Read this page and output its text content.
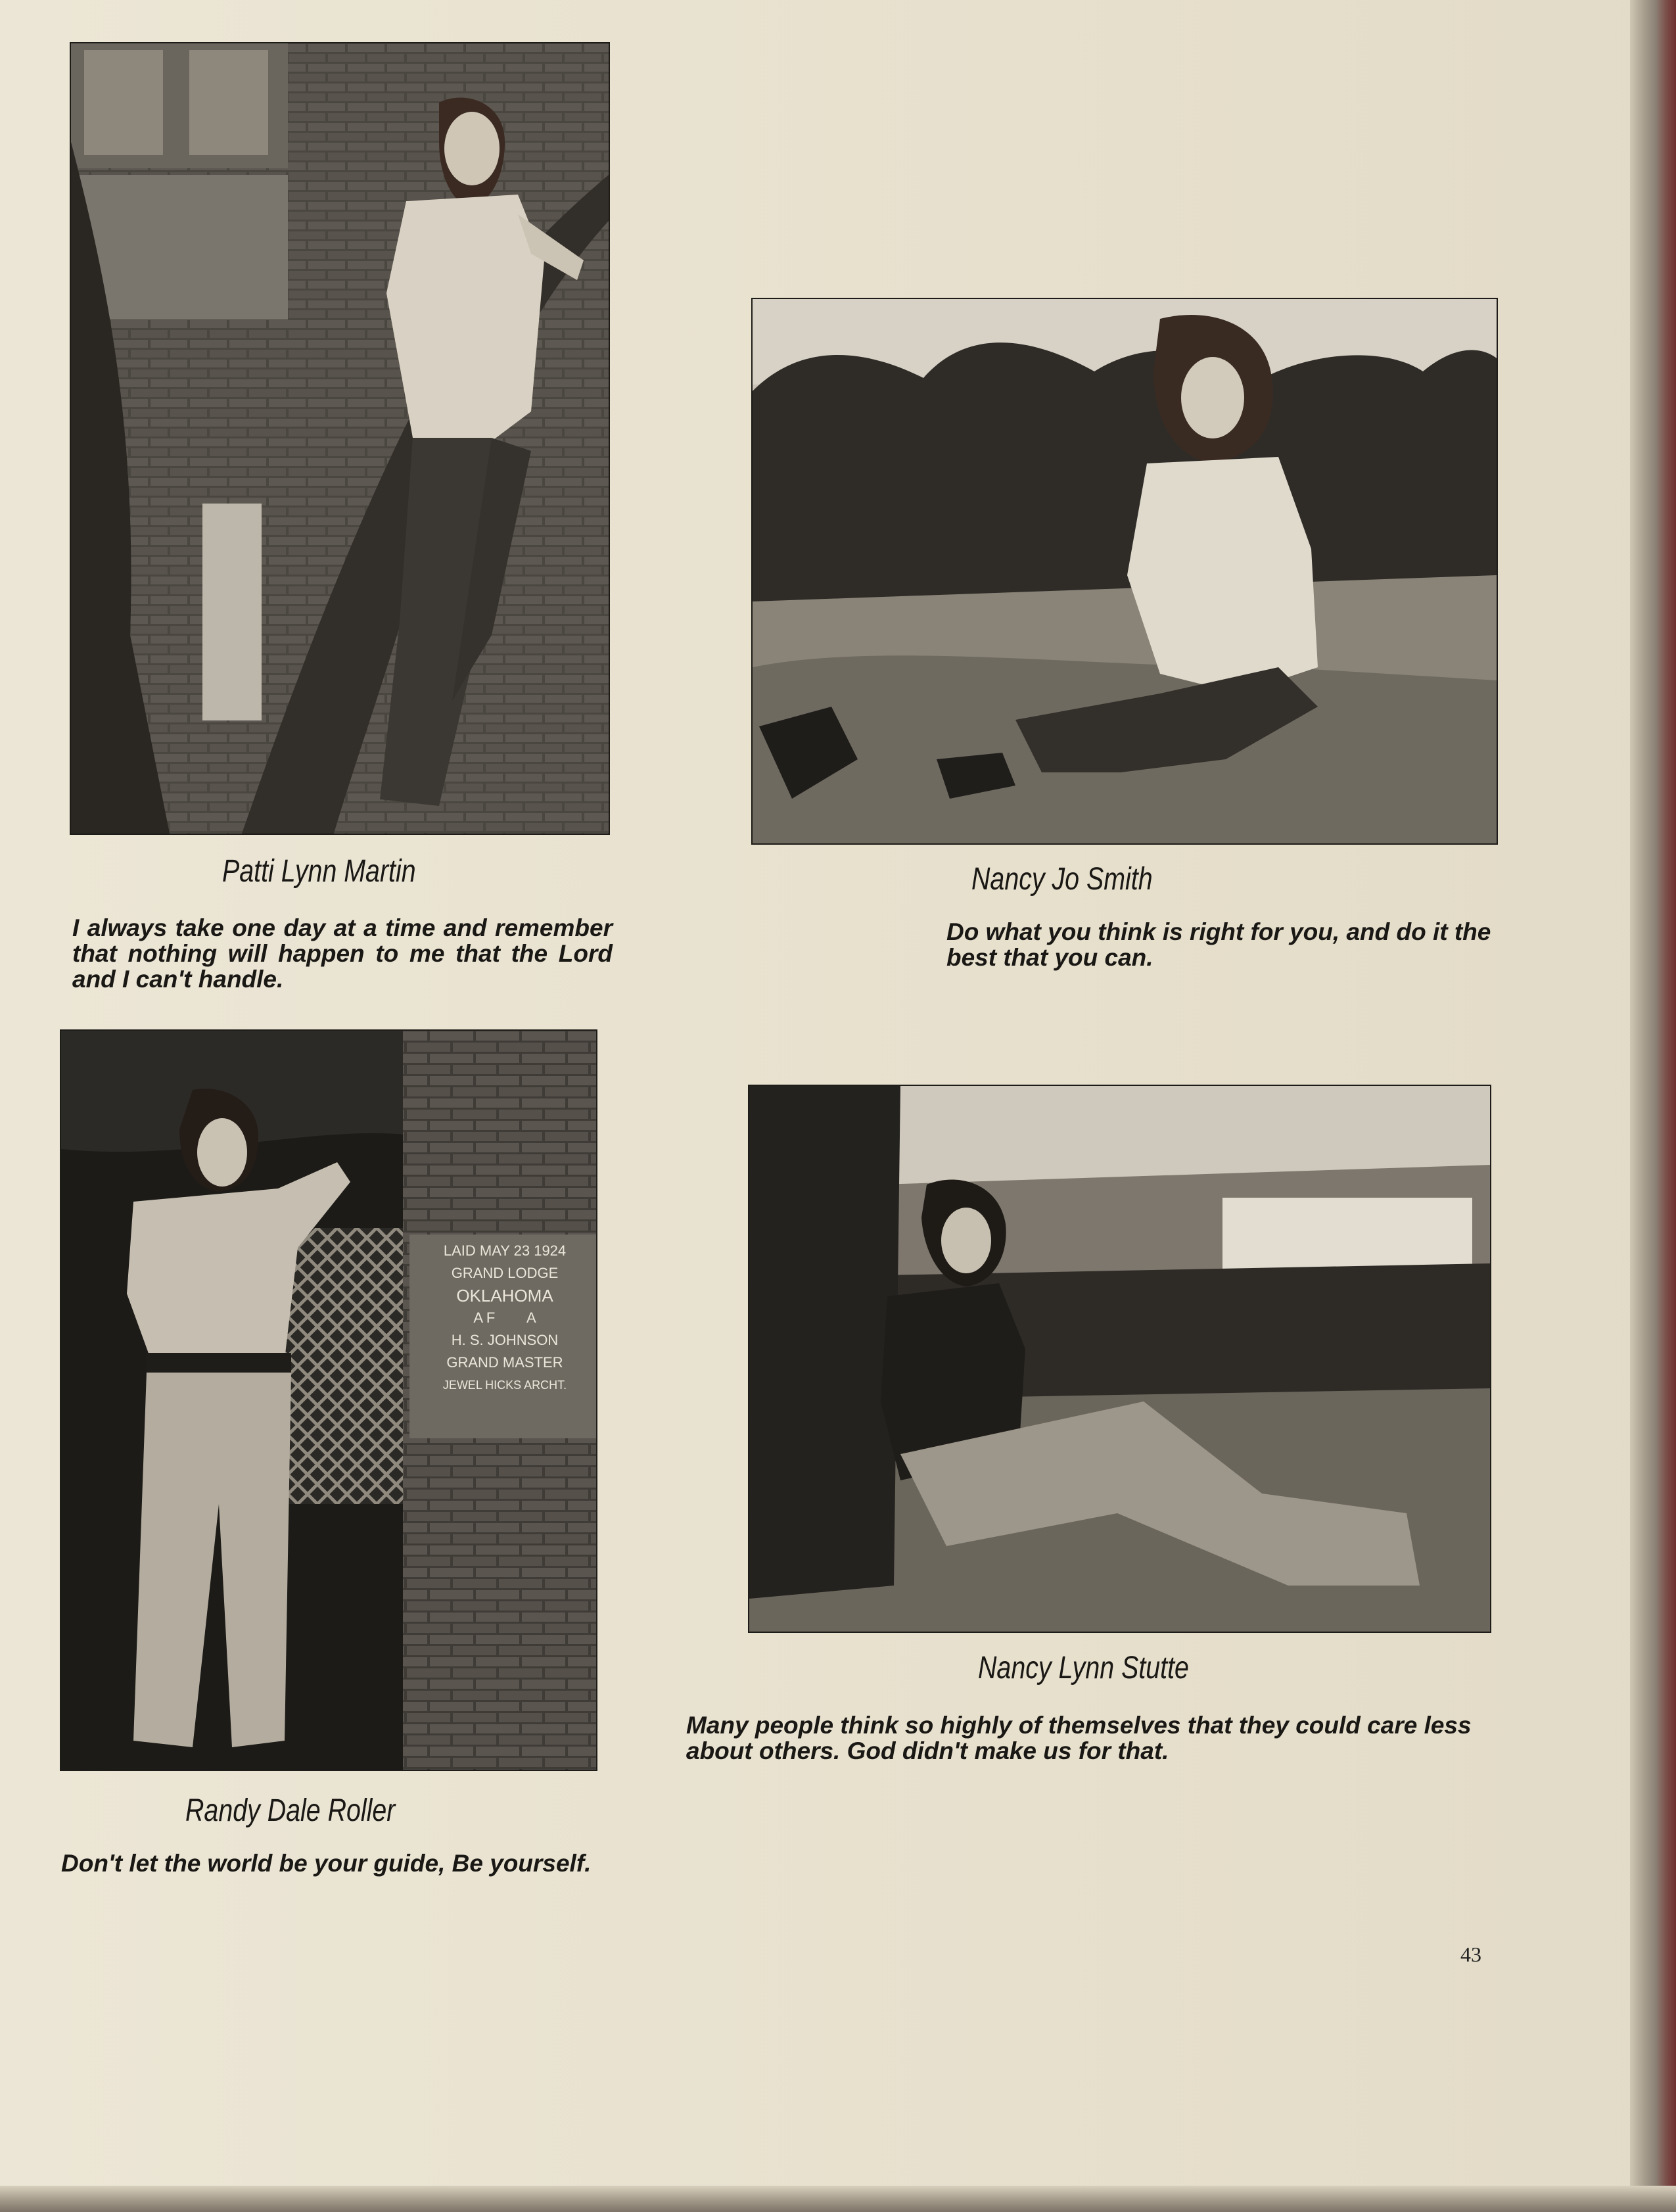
LAID MAY 23 1924
GRAND LODGE
OKLAHOMA
A F        A
H. S. JOHNSON
GRAND MASTER
JEWEL HICKS ARCHT.
Patti Lynn Martin
I always take one day at a time and remember that nothing will happen to me that the Lord and I can't handle.
Nancy Jo Smith
Do what you think is right for you, and do it the best that you can.
Randy Dale Roller
Don't let the world be your guide, Be yourself.
Nancy Lynn Stutte
Many people think so highly of themselves that they could care less about others. God didn't make us for that.
43
